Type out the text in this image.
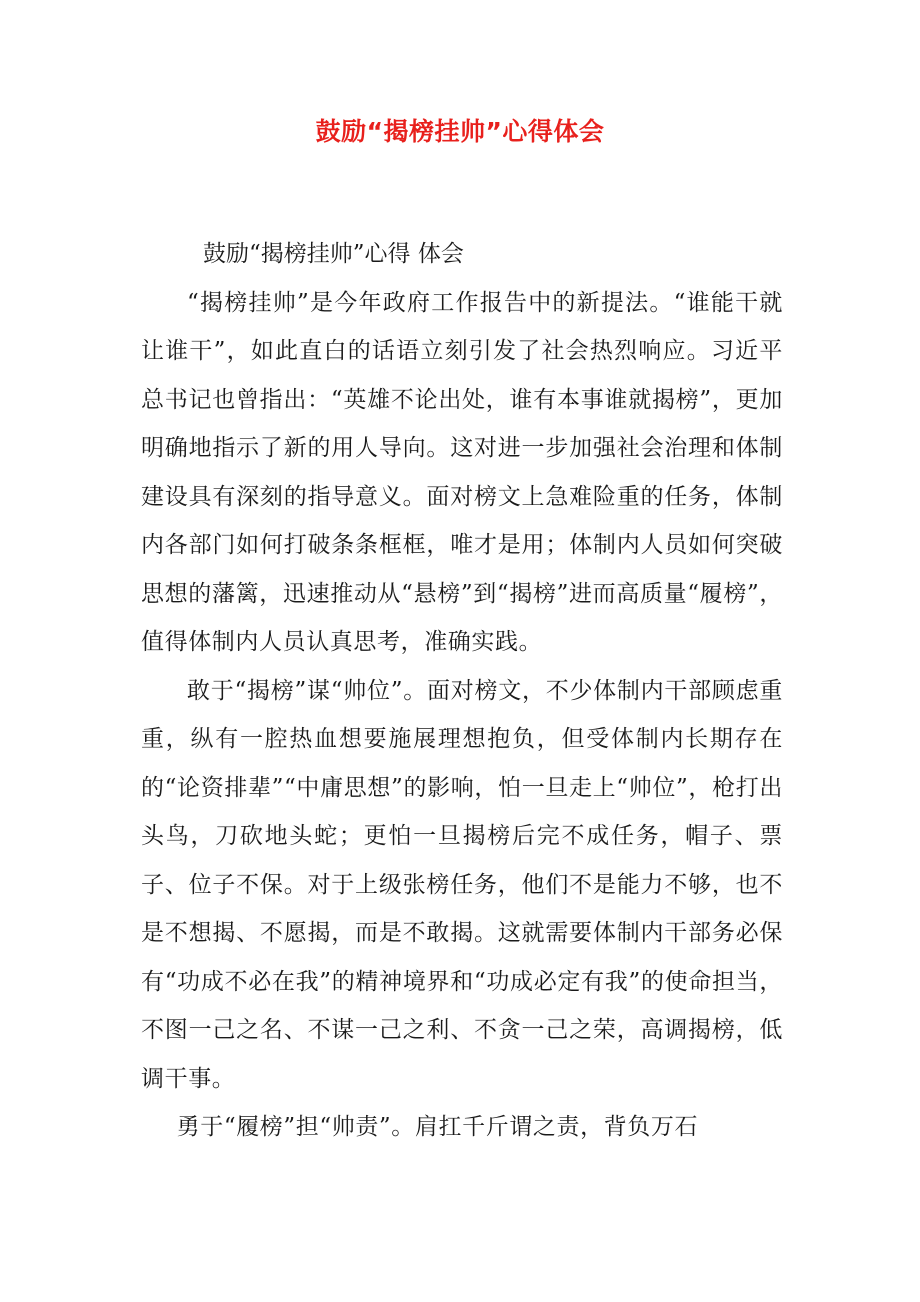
鼓励“揭榜挂帅”心得体会

鼓励“揭榜挂帅”心得 体会

“揭榜挂帅”是今年政府工作报告中的新提法。“谁能干就让谁干”，如此直白的话语立刻引发了社会热烈响应。习近平总书记也曾指出：“英雄不论出处，谁有本事谁就揭榜”，更加明确地指示了新的用人导向。这对进一步加强社会治理和体制建设具有深刻的指导意义。面对榜文上急难险重的任务，体制内各部门如何打破条条框框，唯才是用；体制内人员如何突破思想的藩篱，迅速推动从“悬榜”到“揭榜”进而高质量“履榜”，值得体制内人员认真思考，准确实践。

敢于“揭榜”谋“帅位”。面对榜文，不少体制内干部顾虑重重，纵有一腔热血想要施展理想抱负，但受体制内长期存在的“论资排辈”“中庸思想”的影响，怕一旦走上“帅位”，枪打出头鸟，刀砍地头蛇；更怕一旦揭榜后完不成任务，帽子、票子、位子不保。对于上级张榜任务，他们不是能力不够，也不是不想揭、不愿揭，而是不敢揭。这就需要体制内干部务必保有“功成不必在我”的精神境界和“功成必定有我”的使命担当，不图一己之名、不谋一己之利、不贪一己之荣，高调揭榜，低调干事。

勇于“履榜”担“帅责”。肩扛千斤谓之责，背负万石
